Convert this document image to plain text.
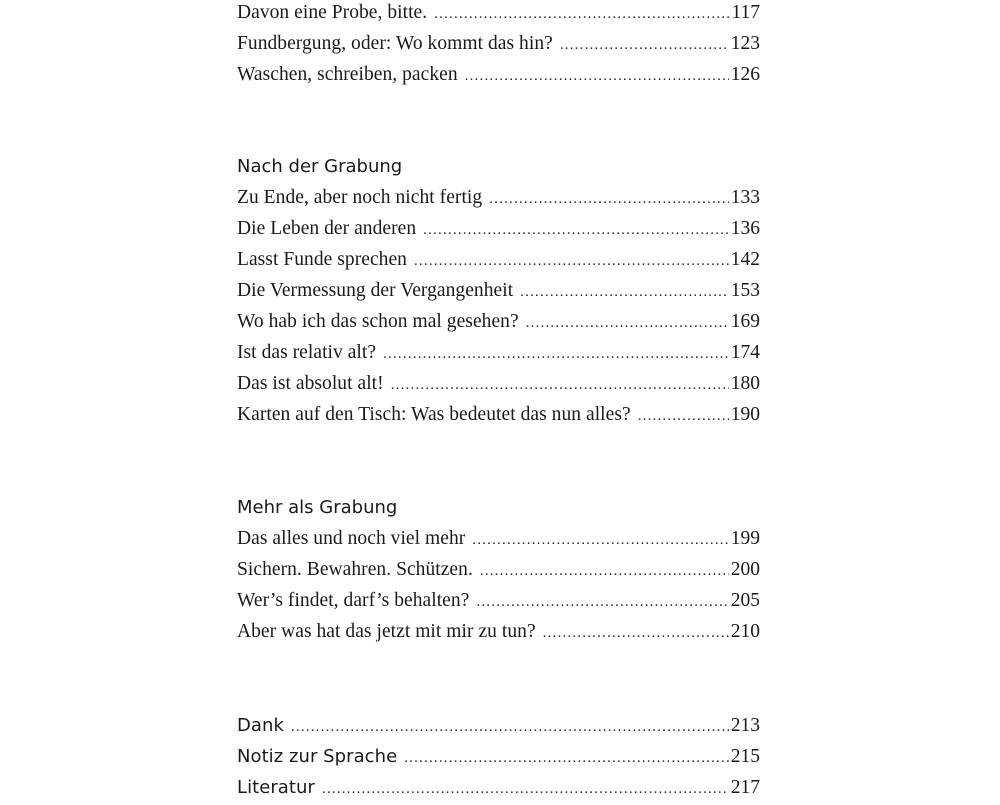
Davon eine Probe, bitte. .....	117
Fundbergung, oder: Wo kommt das hin? .....	123
Waschen, schreiben, packen .....	126
Nach der Grabung
Zu Ende, aber noch nicht fertig .....	133
Die Leben der anderen .....	136
Lasst Funde sprechen .....	142
Die Vermessung der Vergangenheit .....	153
Wo hab ich das schon mal gesehen? .....	169
Ist das relativ alt? .....	174
Das ist absolut alt! .....	180
Karten auf den Tisch: Was bedeutet das nun alles? .....	190
Mehr als Grabung
Das alles und noch viel mehr .....	199
Sichern. Bewahren. Schützen. .....	200
Wer’s findet, darf’s behalten? .....	205
Aber was hat das jetzt mit mir zu tun? .....	210
Dank .....	213
Notiz zur Sprache .....	215
Literatur .....	217
